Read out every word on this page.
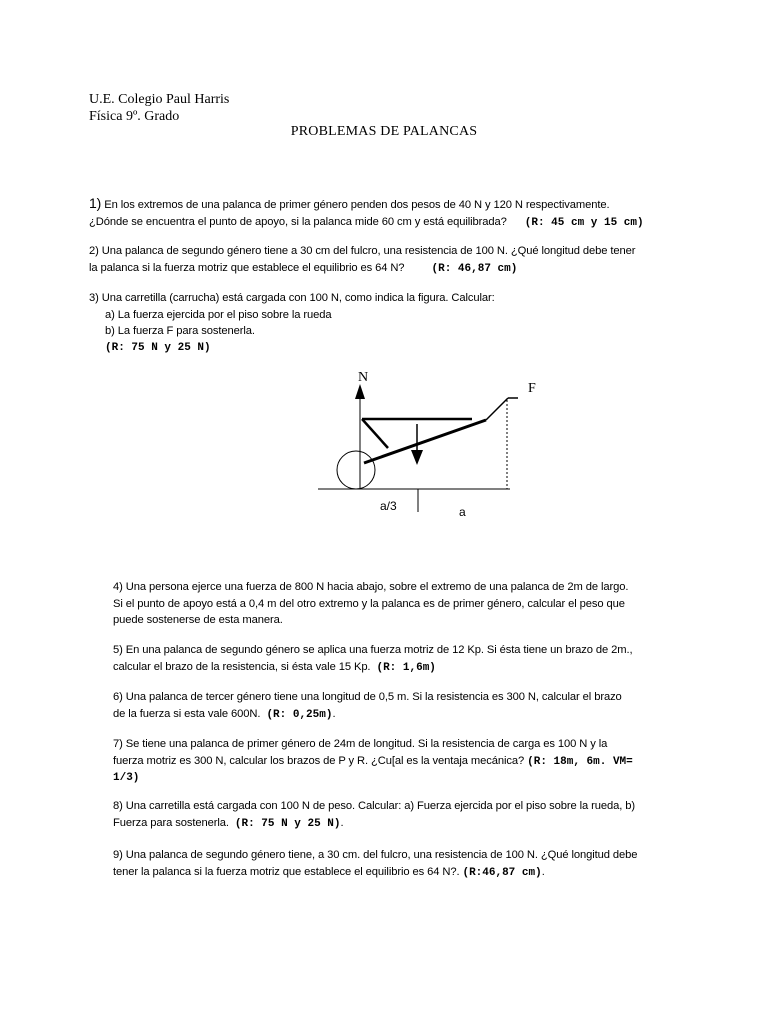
U.E. Colegio Paul Harris
Física 9º. Grado
PROBLEMAS DE PALANCAS
1) En los extremos de una palanca de primer género penden dos pesos de 40 N y 120 N respectivamente.
¿Dónde se encuentra el punto de apoyo, si la palanca mide 60 cm y está equilibrada? (R: 45 cm y 15 cm)
2) Una palanca de segundo género tiene a 30 cm del fulcro, una resistencia de 100 N. ¿Qué longitud debe tener
la palanca si la fuerza motriz que establece el equilibrio es 64 N? (R: 46,87 cm)
3) Una carretilla (carrucha) está cargada con 100 N, como indica la figura. Calcular:
a) La fuerza ejercida por el piso sobre la rueda
b) La fuerza F para sostenerla.
(R: 75 N y 25 N)
N
F
a/3	a
4) Una persona ejerce una fuerza de 800 N hacia abajo, sobre el extremo de una palanca de 2m de largo.
Si el punto de apoyo está a 0,4 m del otro extremo y la palanca es de primer género, calcular el peso que
puede sostenerse de esta manera.
5) En una palanca de segundo género se aplica una fuerza motriz de 12 Kp. Si ésta tiene un brazo de 2m.,
calcular el brazo de la resistencia, si ésta vale 15 Kp. (R: 1,6m)
6) Una palanca de tercer género tiene una longitud de 0,5 m. Si la resistencia es 300 N, calcular el brazo
de la fuerza si esta vale 600N. (R: 0,25m).
7) Se tiene una palanca de primer género de 24m de longitud. Si la resistencia de carga es 100 N y la
fuerza motriz es 300 N, calcular los brazos de P y R. ¿Cu[al es la ventaja mecánica? (R: 18m, 6m. VM=
1/3)
8) Una carretilla está cargada con 100 N de peso. Calcular: a) Fuerza ejercida por el piso sobre la rueda, b)
Fuerza para sostenerla. (R: 75 N y 25 N).
9) Una palanca de segundo género tiene, a 30 cm. del fulcro, una resistencia de 100 N. ¿Qué longitud debe
tener la palanca si la fuerza motriz que establece el equilibrio es 64 N?. (R:46,87 cm).
